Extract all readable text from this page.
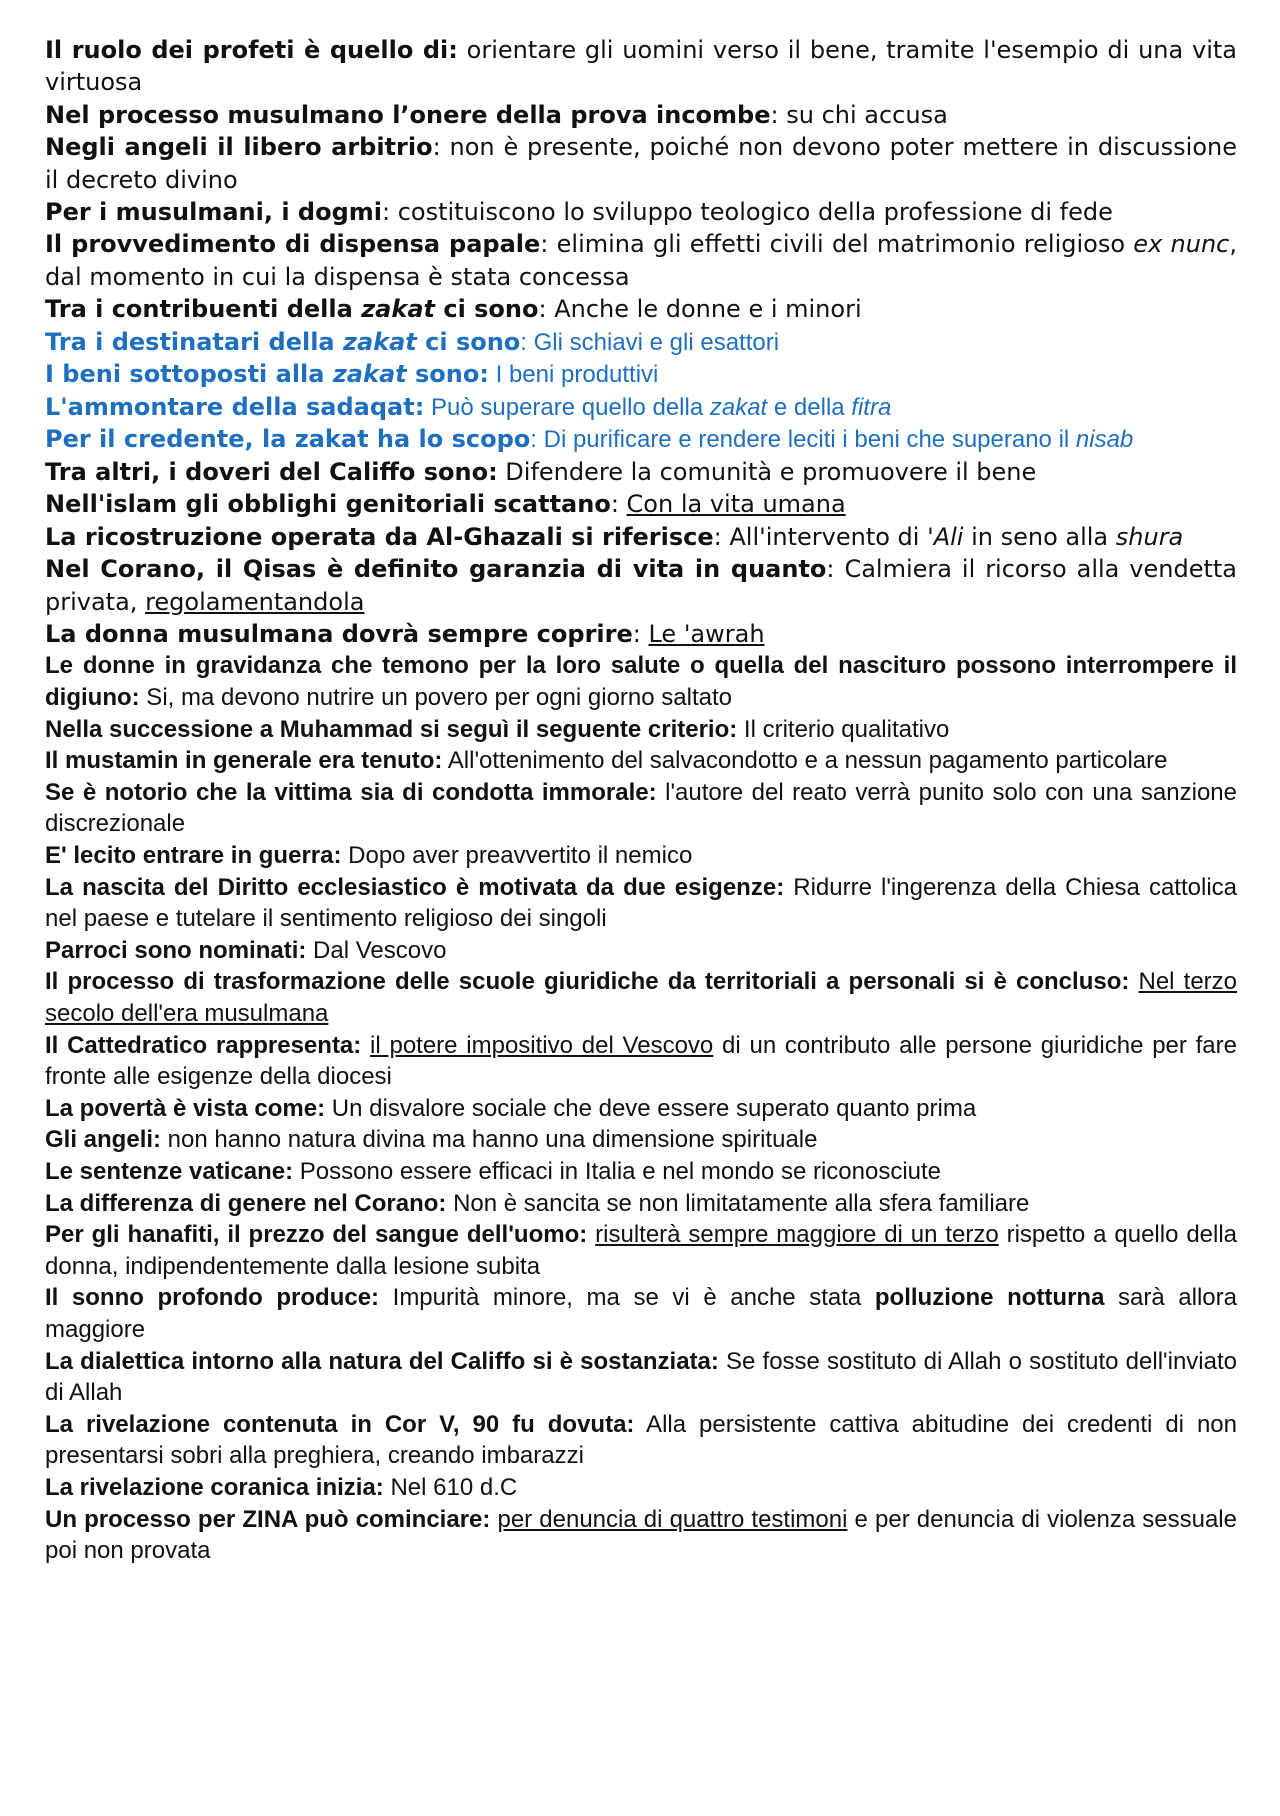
Il ruolo dei profeti è quello di: orientare gli uomini verso il bene, tramite l'esempio di una vita virtuosa

Nel processo musulmano l’onere della prova incombe: su chi accusa

Negli angeli il libero arbitrio: non è presente, poiché non devono poter mettere in discussione il decreto divino

Per i musulmani, i dogmi: costituiscono lo sviluppo teologico della professione di fede

Il provvedimento di dispensa papale: elimina gli effetti civili del matrimonio religioso ex nunc, dal momento in cui la dispensa è stata concessa

Tra i contribuenti della zakat ci sono: Anche le donne e i minori

Tra i destinatari della zakat ci sono: Gli schiavi e gli esattori

I beni sottoposti alla zakat sono: I beni produttivi

L'ammontare della sadaqat: Può superare quello della zakat e della fitra

Per il credente, la zakat ha lo scopo: Di purificare e rendere leciti i beni che superano il nisab

Tra altri, i doveri del Califfo sono: Difendere la comunità e promuovere il bene

Nell'islam gli obblighi genitoriali scattano: Con la vita umana

La ricostruzione operata da Al-Ghazali si riferisce: All'intervento di 'Ali in seno alla shura

Nel Corano, il Qisas è definito garanzia di vita in quanto: Calmiera il ricorso alla vendetta privata, regolamentandola

La donna musulmana dovrà sempre coprire: Le 'awrah

Le donne in gravidanza che temono per la loro salute o quella del nascituro possono interrompere il digiuno: Si, ma devono nutrire un povero per ogni giorno saltato

Nella successione a Muhammad si seguì il seguente criterio: Il criterio qualitativo

Il mustamin in generale era tenuto: All'ottenimento del salvacondotto e a nessun pagamento particolare

Se è notorio che la vittima sia di condotta immorale: l'autore del reato verrà punito solo con una sanzione discrezionale

E' lecito entrare in guerra: Dopo aver preavvertito il nemico

La nascita del Diritto ecclesiastico è motivata da due esigenze: Ridurre l'ingerenza della Chiesa cattolica nel paese e tutelare il sentimento religioso dei singoli

Parroci sono nominati: Dal Vescovo

Il processo di trasformazione delle scuole giuridiche da territoriali a personali si è concluso: Nel terzo secolo dell'era musulmana

Il Cattedratico rappresenta: il potere impositivo del Vescovo di un contributo alle persone giuridiche per fare fronte alle esigenze della diocesi

La povertà è vista come: Un disvalore sociale che deve essere superato quanto prima

Gli angeli: non hanno natura divina ma hanno una dimensione spirituale

Le sentenze vaticane: Possono essere efficaci in Italia e nel mondo se riconosciute

La differenza di genere nel Corano: Non è sancita se non limitatamente alla sfera familiare

Per gli hanafiti, il prezzo del sangue dell'uomo: risulterà sempre maggiore di un terzo rispetto a quello della donna, indipendentemente dalla lesione subita

Il sonno profondo produce: Impurità minore, ma se vi è anche stata polluzione notturna sarà allora maggiore

La dialettica intorno alla natura del Califfo si è sostanziata: Se fosse sostituto di Allah o sostituto dell'inviato di Allah

La rivelazione contenuta in Cor V, 90 fu dovuta: Alla persistente cattiva abitudine dei credenti di non presentarsi sobri alla preghiera, creando imbarazzi

La rivelazione coranica inizia: Nel 610 d.C

Un processo per ZINA può cominciare: per denuncia di quattro testimoni e per denuncia di violenza sessuale poi non provata
